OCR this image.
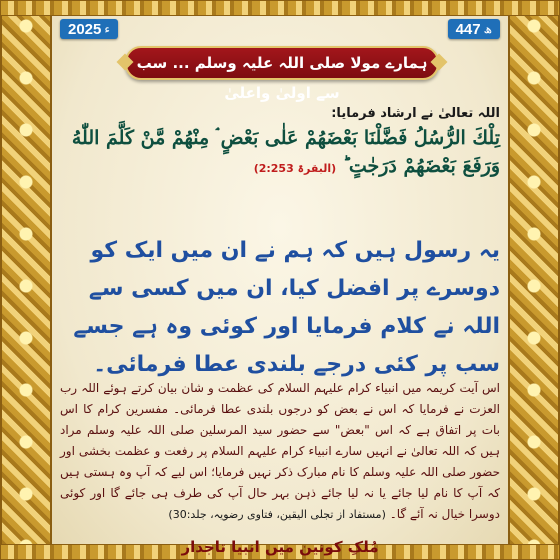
2025 ء	447 ھ
ہمارے مولا صلی اللہ علیہ وسلم ... سب سے اولیٰ واعلیٰ
اللہ تعالیٰ نے ارشاد فرمایا:
تِلْكَ الرُّسُلُ فَضَّلْنَا بَعْضَهُمْ عَلٰى بَعْضٍ ۘ مِنْهُمْ مَّنْ كَلَّمَ اللّٰهُ وَرَفَعَ بَعْضَهُمْ دَرَجٰتٍ ؕ (البقرۃ 2:253)
یہ رسول ہیں کہ ہم نے ان میں ایک کو دوسرے پر افضل کیا، ان میں کسی سے اللہ نے کلام فرمایا اور کوئی وہ ہے جسے سب پر کئی درجے بلندی عطا فرمائی۔
اس آیت کریمہ میں انبیاء کرام علیہم السلام کی عظمت و شان بیان کرتے ہوئے اللہ رب العزت نے فرمایا کہ اس نے بعض کو درجوں بلندی عطا فرمائی۔ مفسرین کرام کا اس بات پر اتفاق ہے کہ اس "بعض" سے حضور سید المرسلین صلی اللہ علیہ وسلم مراد ہیں کہ اللہ تعالیٰ نے انہیں سارے انبیاء کرام علیہم السلام پر رفعت و عظمت بخشی اور حضور صلی اللہ علیہ وسلم کا نام مبارک ذکر نہیں فرمایا؛ اس لیے کہ آپ وہ ہستی ہیں کہ آپ کا نام لیا جائے یا نہ لیا جائے ذہن بہر حال آپ کی طرف ہی جائے گا اور کوئی دوسرا خیال نہ آئے گا۔ (مستفاد از تجلی الیقین، فتاوی رضویہ، جلد:30)
مُلکِ کونین میں انبیا تاجدار
